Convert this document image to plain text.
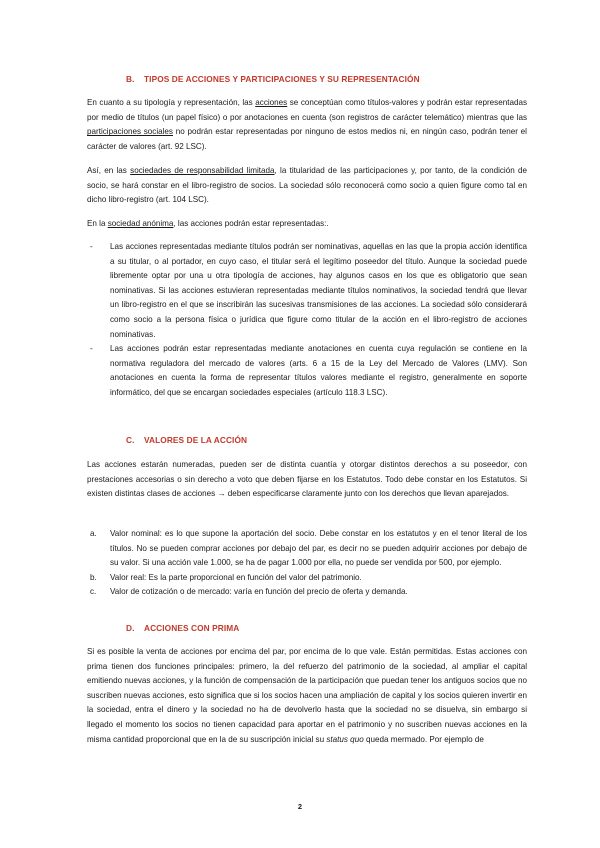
B. TIPOS DE ACCIONES Y PARTICIPACIONES Y SU REPRESENTACIÓN

En cuanto a su tipología y representación, las acciones se conceptúan como títulos-valores y podrán estar representadas por medio de títulos (un papel físico) o por anotaciones en cuenta (son registros de carácter telemático) mientras que las participaciones sociales no podrán estar representadas por ninguno de estos medios ni, en ningún caso, podrán tener el carácter de valores (art. 92 LSC).

Así, en las sociedades de responsabilidad limitada, la titularidad de las participaciones y, por tanto, de la condición de socio, se hará constar en el libro-registro de socios. La sociedad sólo reconocerá como socio a quien figure como tal en dicho libro-registro (art. 104 LSC).

En la sociedad anónima, las acciones podrán estar representadas:.

- Las acciones representadas mediante títulos podrán ser nominativas, aquellas en las que la propia acción identifica a su titular, o al portador, en cuyo caso, el titular será el legítimo poseedor del título. Aunque la sociedad puede libremente optar por una u otra tipología de acciones, hay algunos casos en los que es obligatorio que sean nominativas. Si las acciones estuvieran representadas mediante títulos nominativos, la sociedad tendrá que llevar un libro-registro en el que se inscribirán las sucesivas transmisiones de las acciones. La sociedad sólo considerará como socio a la persona física o jurídica que figure como titular de la acción en el libro-registro de acciones nominativas.
- Las acciones podrán estar representadas mediante anotaciones en cuenta cuya regulación se contiene en la normativa reguladora del mercado de valores (arts. 6 a 15 de la Ley del Mercado de Valores (LMV). Son anotaciones en cuenta la forma de representar títulos valores mediante el registro, generalmente en soporte informático, del que se encargan sociedades especiales (artículo 118.3 LSC).
C. VALORES DE LA ACCIÓN

Las acciones estarán numeradas, pueden ser de distinta cuantía y otorgar distintos derechos a su poseedor, con prestaciones accesorias o sin derecho a voto que deben fijarse en los Estatutos. Todo debe constar en los Estatutos. Si existen distintas clases de acciones → deben especificarse claramente junto con los derechos que llevan aparejados.

a. Valor nominal: es lo que supone la aportación del socio. Debe constar en los estatutos y en el tenor literal de los títulos. No se pueden comprar acciones por debajo del par, es decir no se pueden adquirir acciones por debajo de su valor. Si una acción vale 1.000, se ha de pagar 1.000 por ella, no puede ser vendida por 500, por ejemplo.
b. Valor real: Es la parte proporcional en función del valor del patrimonio.
c. Valor de cotización o de mercado: varía en función del precio de oferta y demanda.
D. ACCIONES CON PRIMA

Si es posible la venta de acciones por encima del par, por encima de lo que vale. Están permitidas. Estas acciones con prima tienen dos funciones principales: primero, la del refuerzo del patrimonio de la sociedad, al ampliar el capital emitiendo nuevas acciones, y la función de compensación de la participación que puedan tener los antiguos socios que no suscriben nuevas acciones, esto significa que si los socios hacen una ampliación de capital y los socios quieren invertir en la sociedad, entra el dinero y la sociedad no ha de devolverlo hasta que la sociedad no se disuelva, sin embargo si llegado el momento los socios no tienen capacidad para aportar en el patrimonio y no suscriben nuevas acciones en la misma cantidad proporcional que en la de su suscripción inicial su status quo queda mermado. Por ejemplo de

2
